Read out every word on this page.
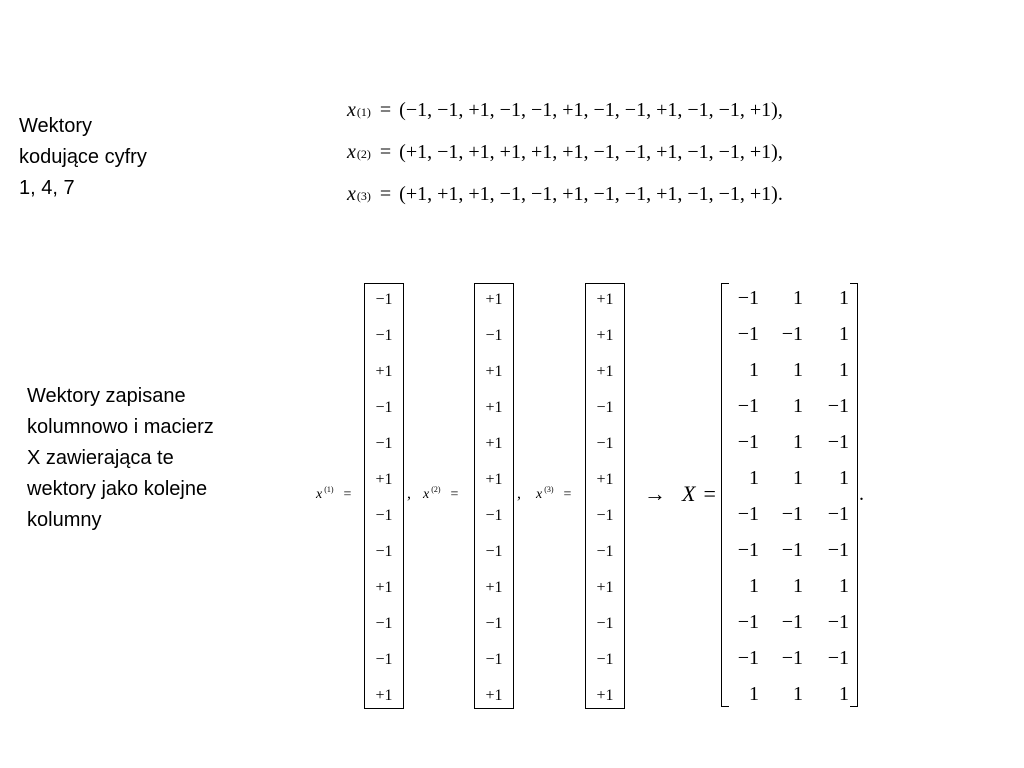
Wektory
kodujące cyfry
1, 4, 7
Wektory zapisane
kolumnowo i macierz
X zawierająca te
wektory jako kolejne
kolumny
x (1) = (−1, −1, +1, −1, −1, +1, −1, −1, +1, −1, −1, +1),
x (2) = (+1, −1, +1, +1, +1, +1, −1, −1, +1, −1, −1, +1),
x (3) = (+1, +1, +1, −1, −1, +1, −1, −1, +1, −1, −1, +1).
x $^{(1)}$ =
−1
−1
+1
−1
−1
+1
−1
−1
+1
−1
−1
+1
, x $^{(2)}$ =
+1
−1
+1
+1
+1
+1
−1
−1
+1
−1
−1
+1
, x $^{(3)}$ =
+1
+1
+1
−1
−1
+1
−1
−1
+1
−1
−1
+1
→ X =
−1	1	1
−1	−1	1
1	1	1
−1	1	−1
−1	1	−1
1	1	1
−1	−1	−1
−1	−1	−1
1	1	1
−1	−1	−1
−1	−1	−1
1	1	1
.
